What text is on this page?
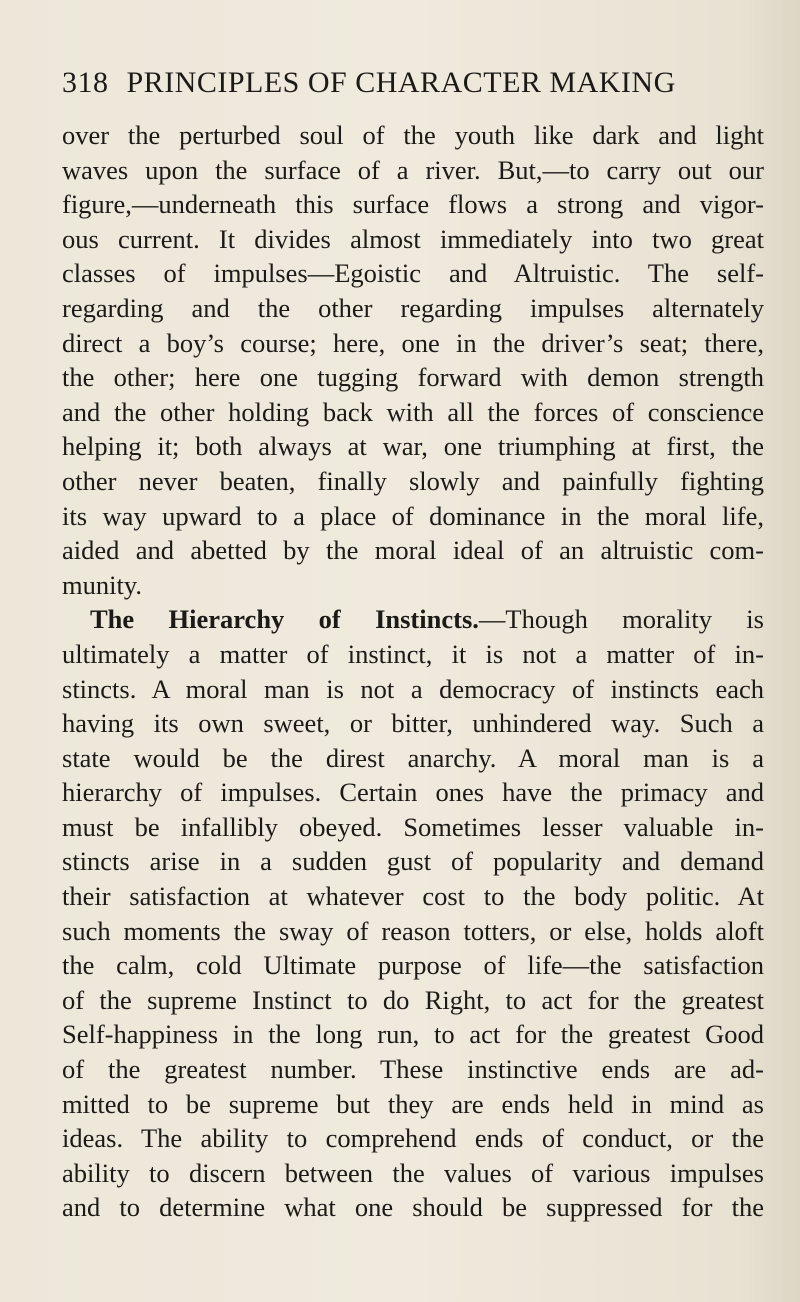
318 PRINCIPLES OF CHARACTER MAKING
over the perturbed soul of the youth like dark and light
waves upon the surface of a river. But,—to carry out our
figure,—underneath this surface flows a strong and vigor-
ous current. It divides almost immediately into two great
classes of impulses—Egoistic and Altruistic. The self-
regarding and the other regarding impulses alternately
direct a boy’s course; here, one in the driver’s seat; there,
the other; here one tugging forward with demon strength
and the other holding back with all the forces of conscience
helping it; both always at war, one triumphing at first, the
other never beaten, finally slowly and painfully fighting
its way upward to a place of dominance in the moral life,
aided and abetted by the moral ideal of an altruistic com-
munity.
The Hierarchy of Instincts.—Though morality is
ultimately a matter of instinct, it is not a matter of in-
stincts. A moral man is not a democracy of instincts each
having its own sweet, or bitter, unhindered way. Such a
state would be the direst anarchy. A moral man is a
hierarchy of impulses. Certain ones have the primacy and
must be infallibly obeyed. Sometimes lesser valuable in-
stincts arise in a sudden gust of popularity and demand
their satisfaction at whatever cost to the body politic. At
such moments the sway of reason totters, or else, holds aloft
the calm, cold Ultimate purpose of life—the satisfaction
of the supreme Instinct to do Right, to act for the greatest
Self-happiness in the long run, to act for the greatest Good
of the greatest number. These instinctive ends are ad-
mitted to be supreme but they are ends held in mind as
ideas. The ability to comprehend ends of conduct, or the
ability to discern between the values of various impulses
and to determine what one should be suppressed for the
